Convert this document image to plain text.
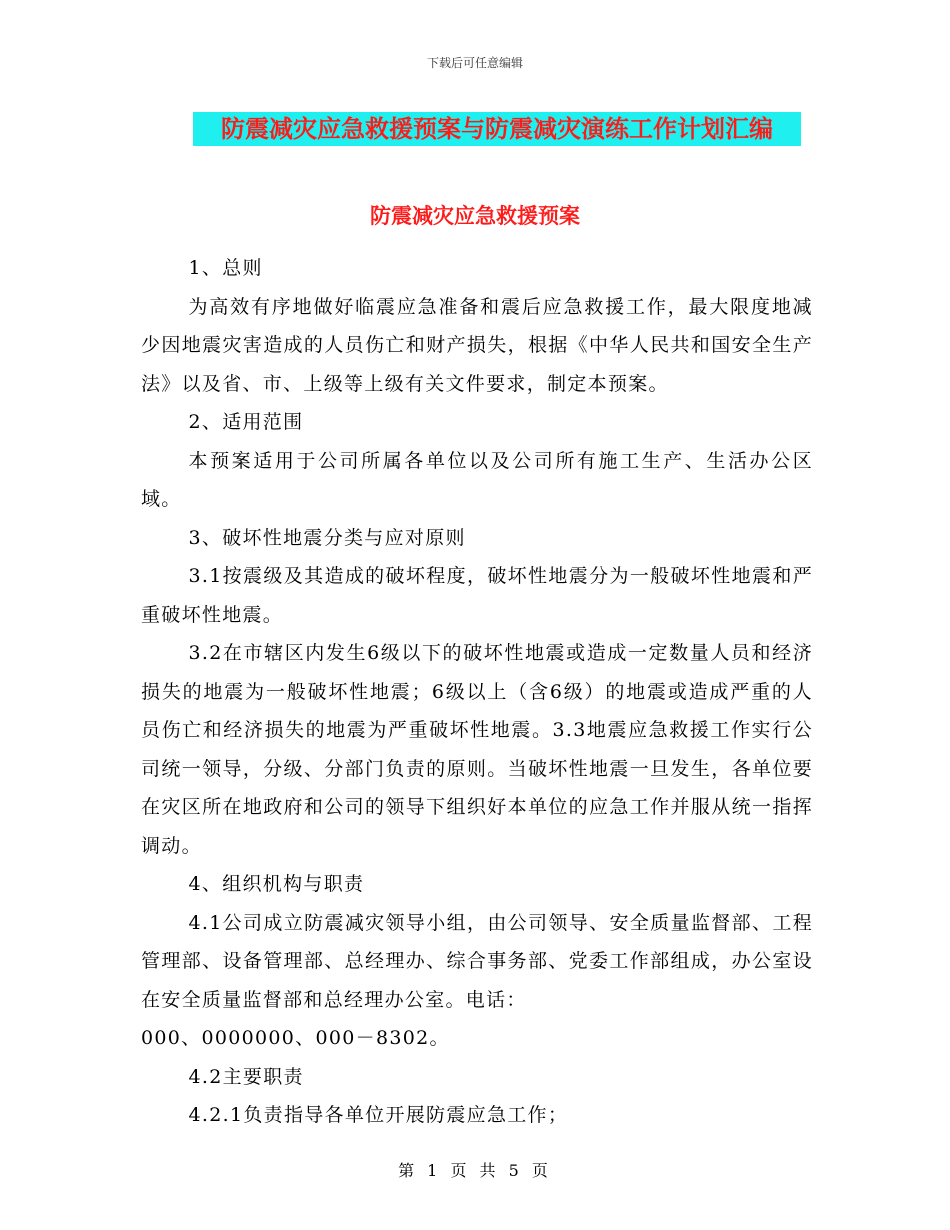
下载后可任意编辑
防震减灾应急救援预案与防震减灾演练工作计划汇编
防震减灾应急救援预案

1、总则

为高效有序地做好临震应急准备和震后应急救援工作，最大限度地减少因地震灾害造成的人员伤亡和财产损失，根据《中华人民共和国安全生产法》以及省、市、上级等上级有关文件要求，制定本预案。

2、适用范围

本预案适用于公司所属各单位以及公司所有施工生产、生活办公区域。

3、破坏性地震分类与应对原则

3.1按震级及其造成的破坏程度，破坏性地震分为一般破坏性地震和严重破坏性地震。

3.2在市辖区内发生6级以下的破坏性地震或造成一定数量人员和经济损失的地震为一般破坏性地震；6级以上（含6级）的地震或造成严重的人员伤亡和经济损失的地震为严重破坏性地震。3.3地震应急救援工作实行公司统一领导，分级、分部门负责的原则。当破坏性地震一旦发生，各单位要在灾区所在地政府和公司的领导下组织好本单位的应急工作并服从统一指挥调动。

4、组织机构与职责

4.1公司成立防震减灾领导小组，由公司领导、安全质量监督部、工程管理部、设备管理部、总经理办、综合事务部、党委工作部组成，办公室设在安全质量监督部和总经理办公室。电话：

000、0000000、000－8302。

4.2主要职责

4.2.1负责指导各单位开展防震应急工作；

第 1 页 共 5 页
